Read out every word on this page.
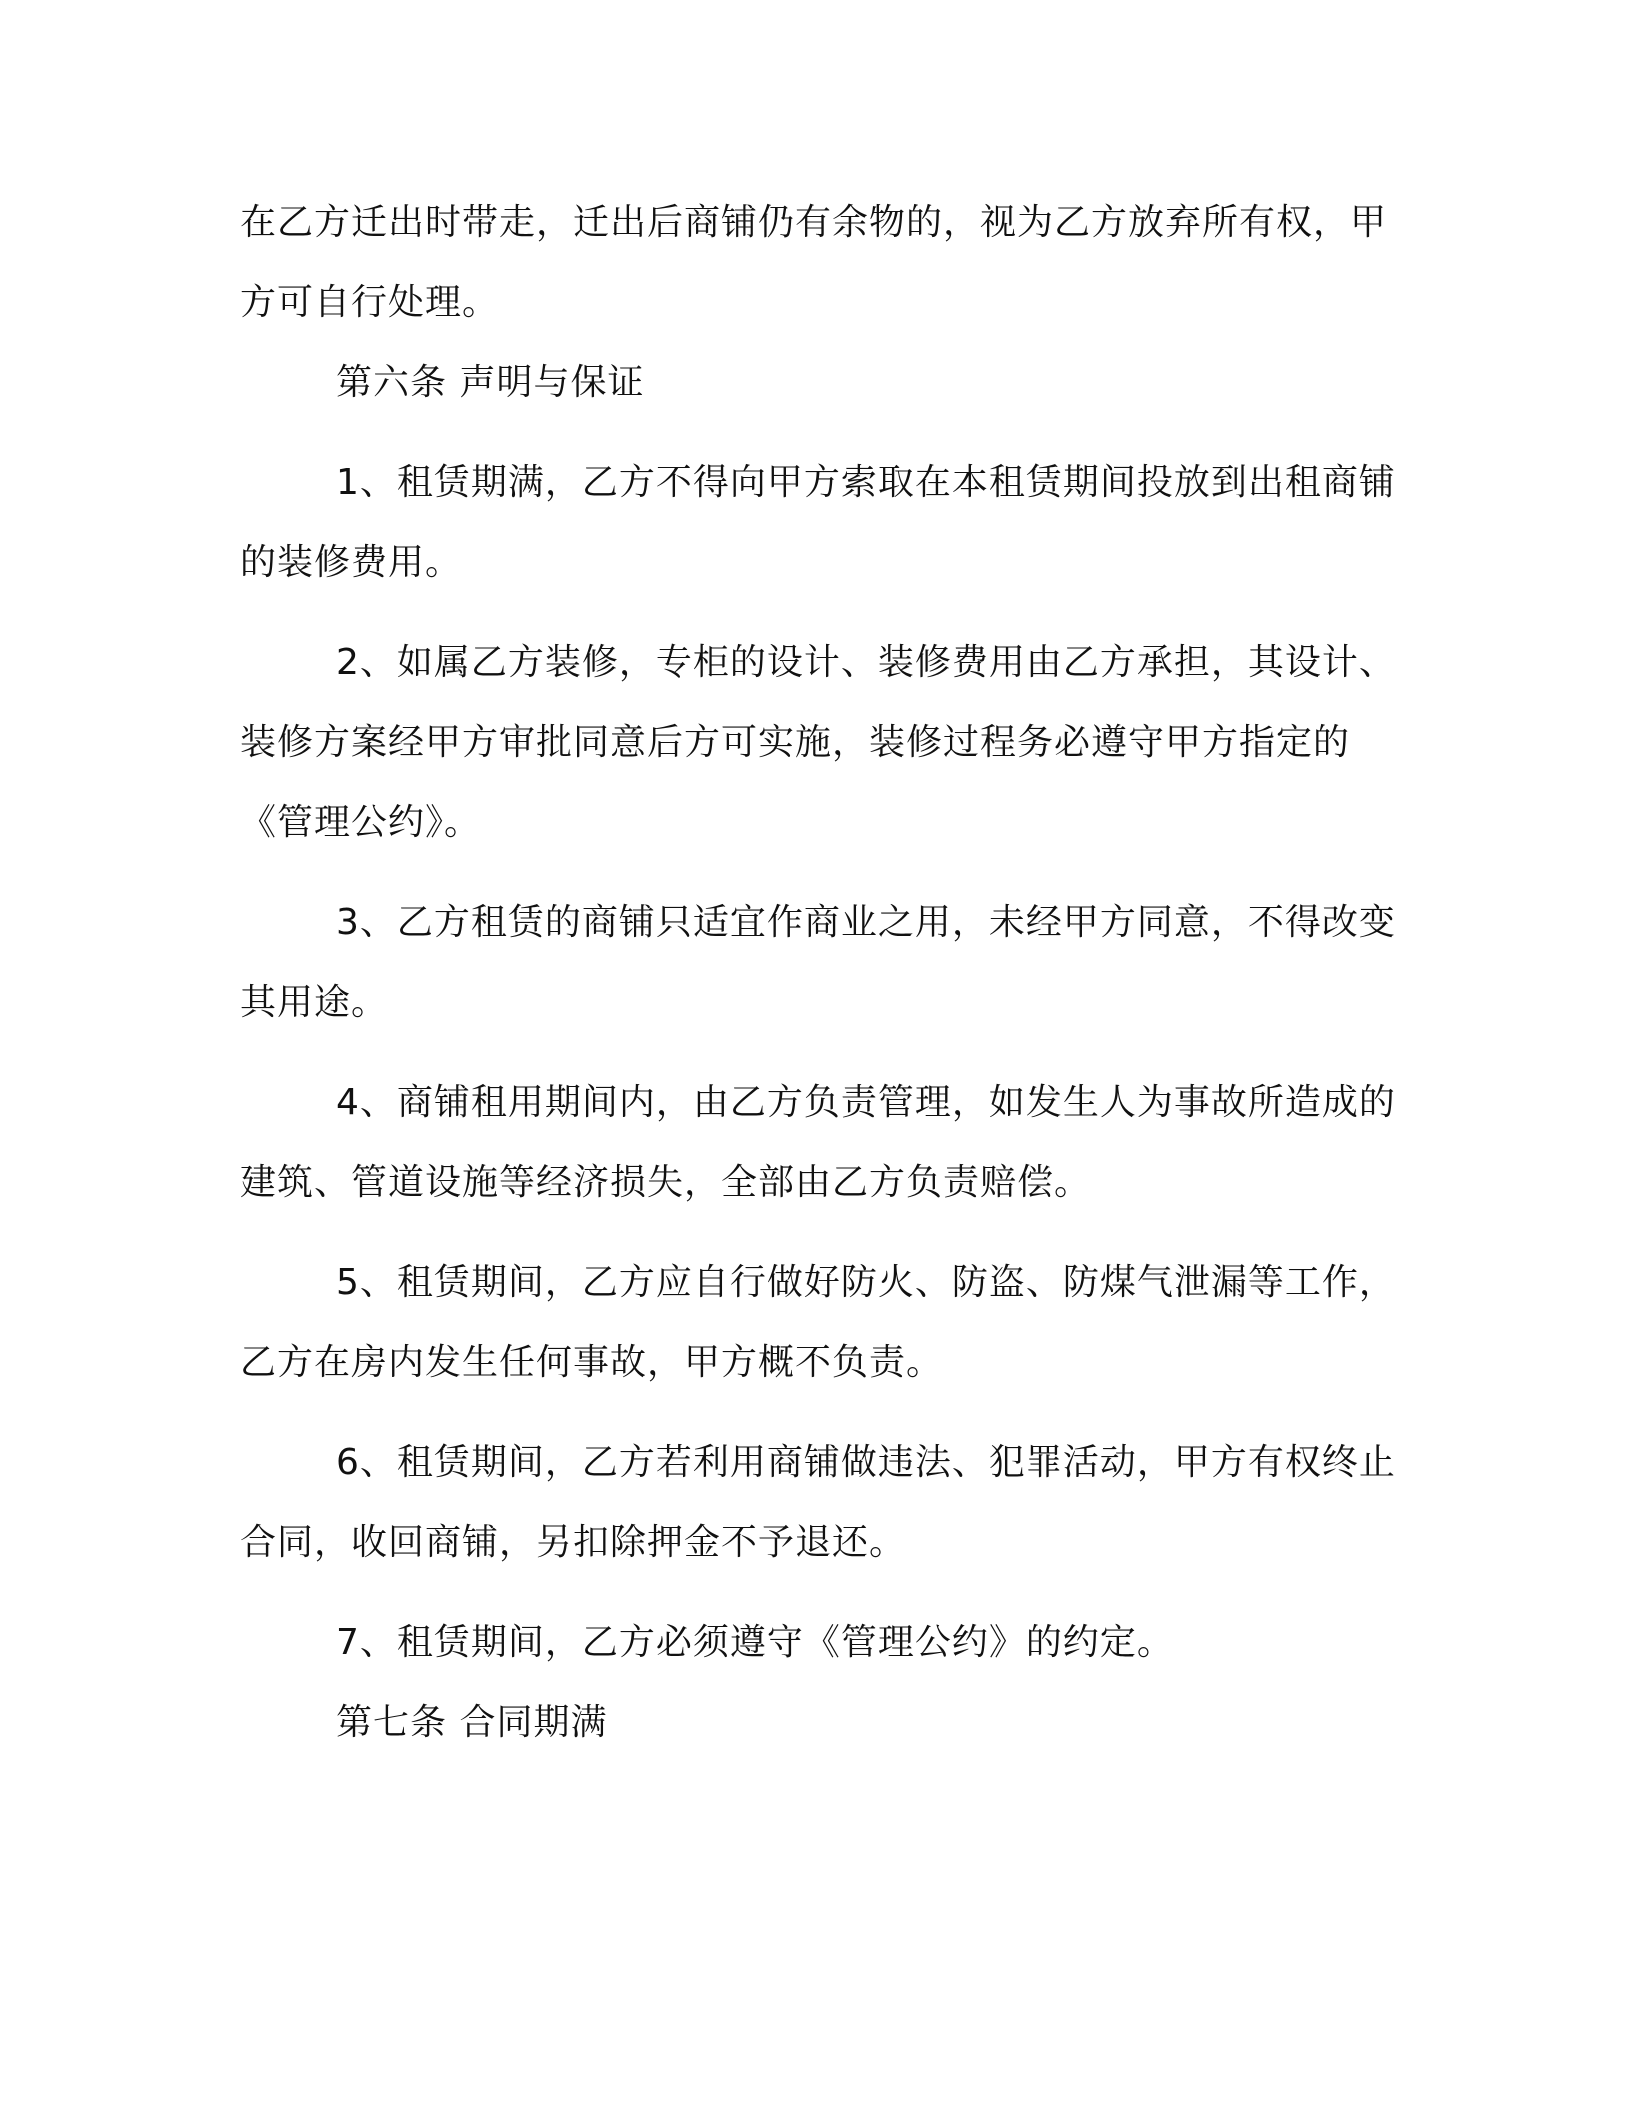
在乙方迁出时带走，迁出后商铺仍有余物的，视为乙方放弃所有权，甲方可自行处理。

第六条 声明与保证

1、租赁期满，乙方不得向甲方索取在本租赁期间投放到出租商铺的装修费用。

2、如属乙方装修，专柜的设计、装修费用由乙方承担，其设计、装修方案经甲方审批同意后方可实施，装修过程务必遵守甲方指定的《管理公约》。

3、乙方租赁的商铺只适宜作商业之用，未经甲方同意，不得改变其用途。

4、商铺租用期间内，由乙方负责管理，如发生人为事故所造成的建筑、管道设施等经济损失，全部由乙方负责赔偿。

5、租赁期间，乙方应自行做好防火、防盗、防煤气泄漏等工作，乙方在房内发生任何事故，甲方概不负责。

6、租赁期间，乙方若利用商铺做违法、犯罪活动，甲方有权终止合同，收回商铺，另扣除押金不予退还。

7、租赁期间，乙方必须遵守《管理公约》的约定。

第七条 合同期满
